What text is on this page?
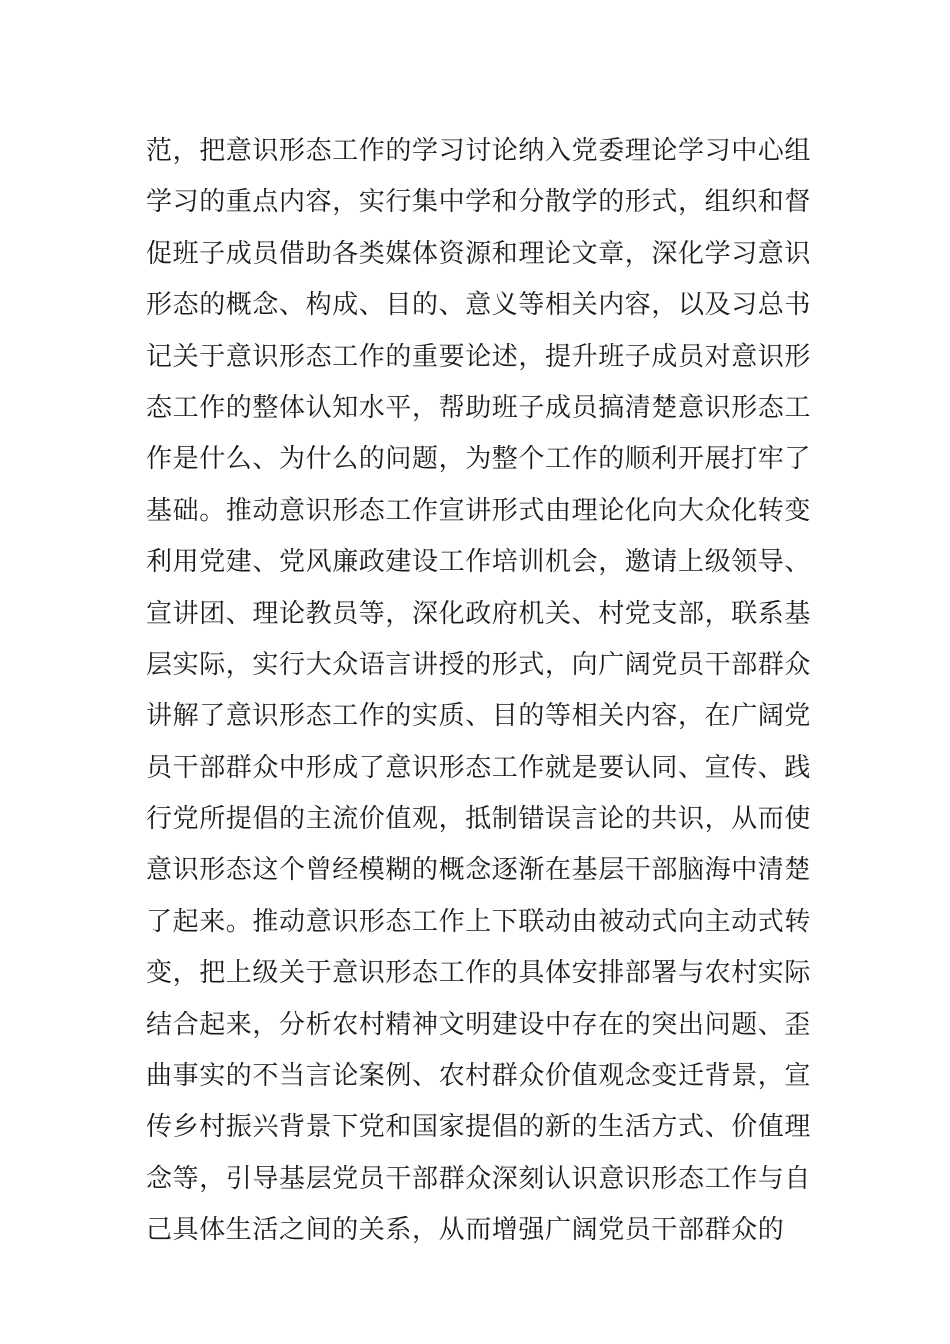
范，把意识形态工作的学习讨论纳入党委理论学习中心组
学习的重点内容，实行集中学和分散学的形式，组织和督
促班子成员借助各类媒体资源和理论文章，深化学习意识
形态的概念、构成、目的、意义等相关内容，以及习总书
记关于意识形态工作的重要论述，提升班子成员对意识形
态工作的整体认知水平，帮助班子成员搞清楚意识形态工
作是什么、为什么的问题，为整个工作的顺利开展打牢了
基础。推动意识形态工作宣讲形式由理论化向大众化转变
利用党建、党风廉政建设工作培训机会，邀请上级领导、
宣讲团、理论教员等，深化政府机关、村党支部，联系基
层实际，实行大众语言讲授的形式，向广阔党员干部群众
讲解了意识形态工作的实质、目的等相关内容，在广阔党
员干部群众中形成了意识形态工作就是要认同、宣传、践
行党所提倡的主流价值观，抵制错误言论的共识，从而使
意识形态这个曾经模糊的概念逐渐在基层干部脑海中清楚
了起来。推动意识形态工作上下联动由被动式向主动式转
变，把上级关于意识形态工作的具体安排部署与农村实际
结合起来，分析农村精神文明建设中存在的突出问题、歪
曲事实的不当言论案例、农村群众价值观念变迁背景，宣
传乡村振兴背景下党和国家提倡的新的生活方式、价值理
念等，引导基层党员干部群众深刻认识意识形态工作与自
己具体生活之间的关系，从而增强广阔党员干部群众的
